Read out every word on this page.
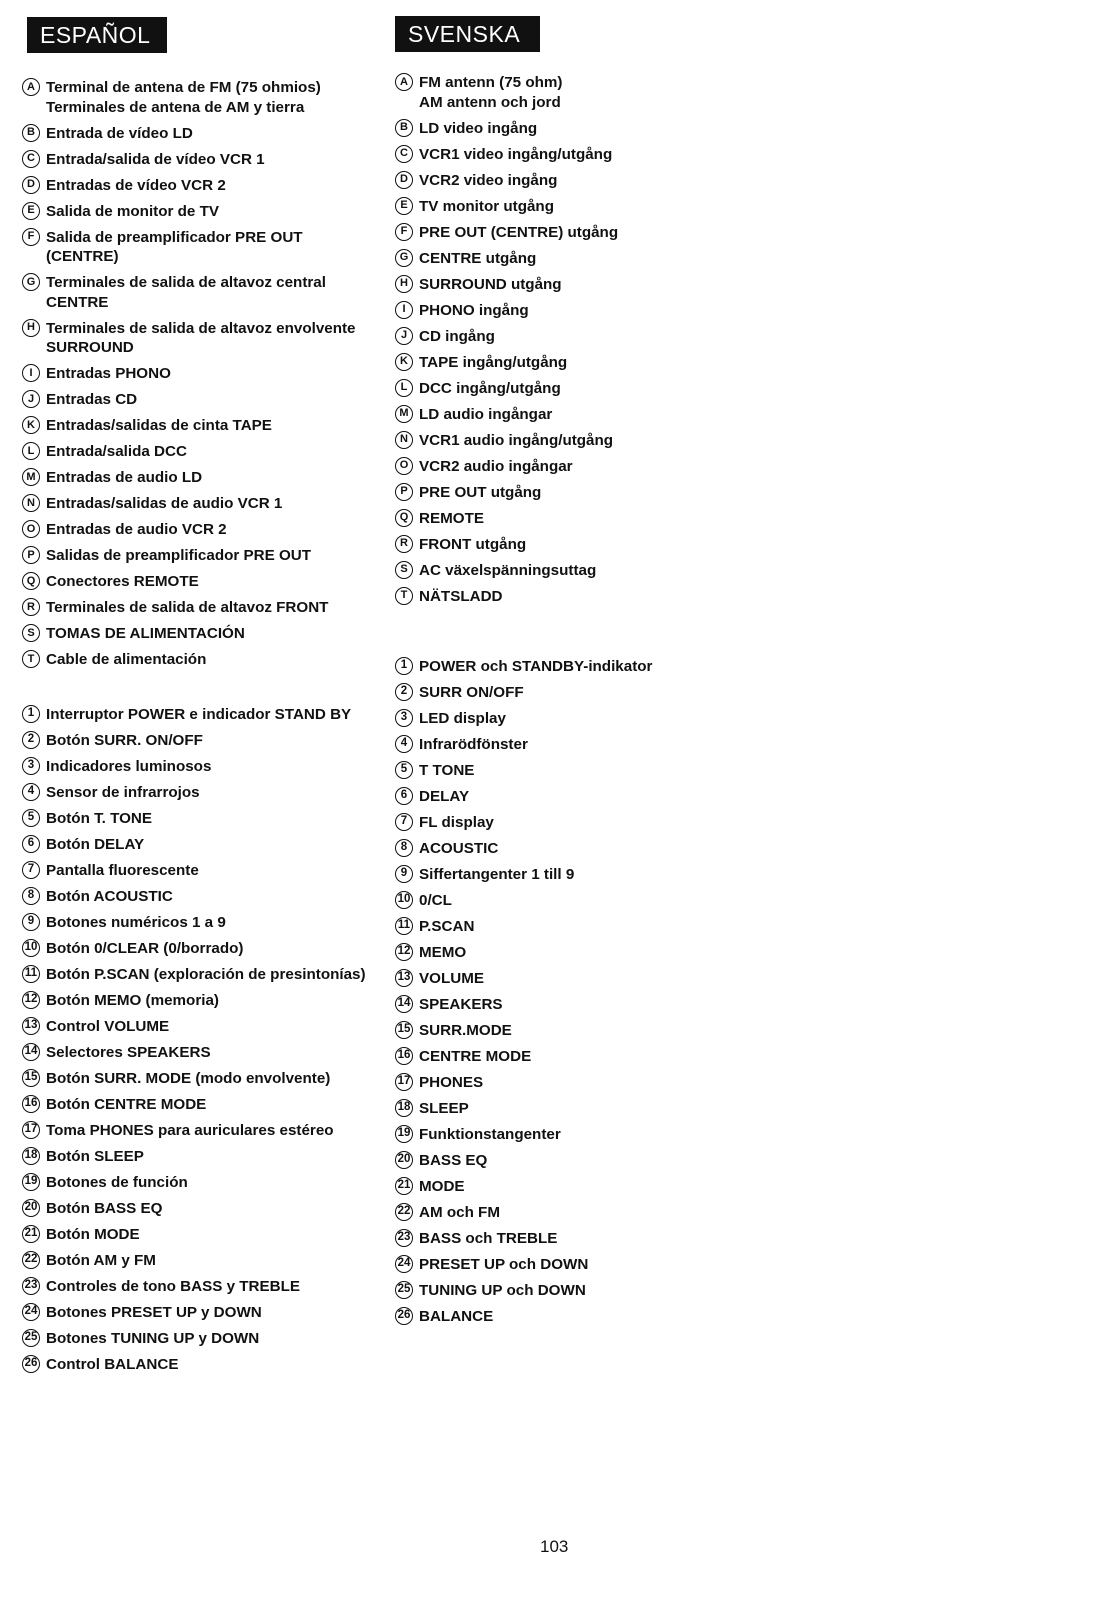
ESPAÑOL	SVENSKA
A Terminal de antena de FM (75 ohmios)
Terminales de antena de AM y tierra
B Entrada de vídeo LD
C Entrada/salida de vídeo VCR 1
D Entradas de vídeo VCR 2
E Salida de monitor de TV
F Salida de preamplificador PRE OUT (CENTRE)
G Terminales de salida de altavoz central CENTRE
H Terminales de salida de altavoz envolvente SURROUND
I Entradas PHONO
J Entradas CD
K Entradas/salidas de cinta TAPE
L Entrada/salida DCC
M Entradas de audio LD
N Entradas/salidas de audio VCR 1
O Entradas de audio VCR 2
P Salidas de preamplificador PRE OUT
Q Conectores REMOTE
R Terminales de salida de altavoz FRONT
S TOMAS DE ALIMENTACIÓN
T Cable de alimentación
1 Interruptor POWER e indicador STAND BY
2 Botón SURR. ON/OFF
3 Indicadores luminosos
4 Sensor de infrarrojos
5 Botón T. TONE
6 Botón DELAY
7 Pantalla fluorescente
8 Botón ACOUSTIC
9 Botones numéricos 1 a 9
10 Botón 0/CLEAR (0/borrado)
11 Botón P.SCAN (exploración de presintonías)
12 Botón MEMO (memoria)
13 Control VOLUME
14 Selectores SPEAKERS
15 Botón SURR. MODE (modo envolvente)
16 Botón CENTRE MODE
17 Toma PHONES para auriculares estéreo
18 Botón SLEEP
19 Botones de función
20 Botón BASS EQ
21 Botón MODE
22 Botón AM y FM
23 Controles de tono BASS y TREBLE
24 Botones PRESET UP y DOWN
25 Botones TUNING UP y DOWN
26 Control BALANCE
A FM antenn (75 ohm)
AM antenn och jord
B LD video ingång
C VCR1 video ingång/utgång
D VCR2 video ingång
E TV monitor utgång
F PRE OUT (CENTRE) utgång
G CENTRE utgång
H SURROUND utgång
I PHONO ingång
J CD ingång
K TAPE ingång/utgång
L DCC ingång/utgång
M LD audio ingångar
N VCR1 audio ingång/utgång
O VCR2 audio ingångar
P PRE OUT utgång
Q REMOTE
R FRONT utgång
S AC växelspänningsuttag
T NÄTSLADD
1 POWER och STANDBY-indikator
2 SURR ON/OFF
3 LED display
4 Infrarödfönster
5 T TONE
6 DELAY
7 FL display
8 ACOUSTIC
9 Siffertangenter 1 till 9
10 0/CL
11 P.SCAN
12 MEMO
13 VOLUME
14 SPEAKERS
15 SURR.MODE
16 CENTRE MODE
17 PHONES
18 SLEEP
19 Funktionstangenter
20 BASS EQ
21 MODE
22 AM och FM
23 BASS och TREBLE
24 PRESET UP och DOWN
25 TUNING UP och DOWN
26 BALANCE
103
